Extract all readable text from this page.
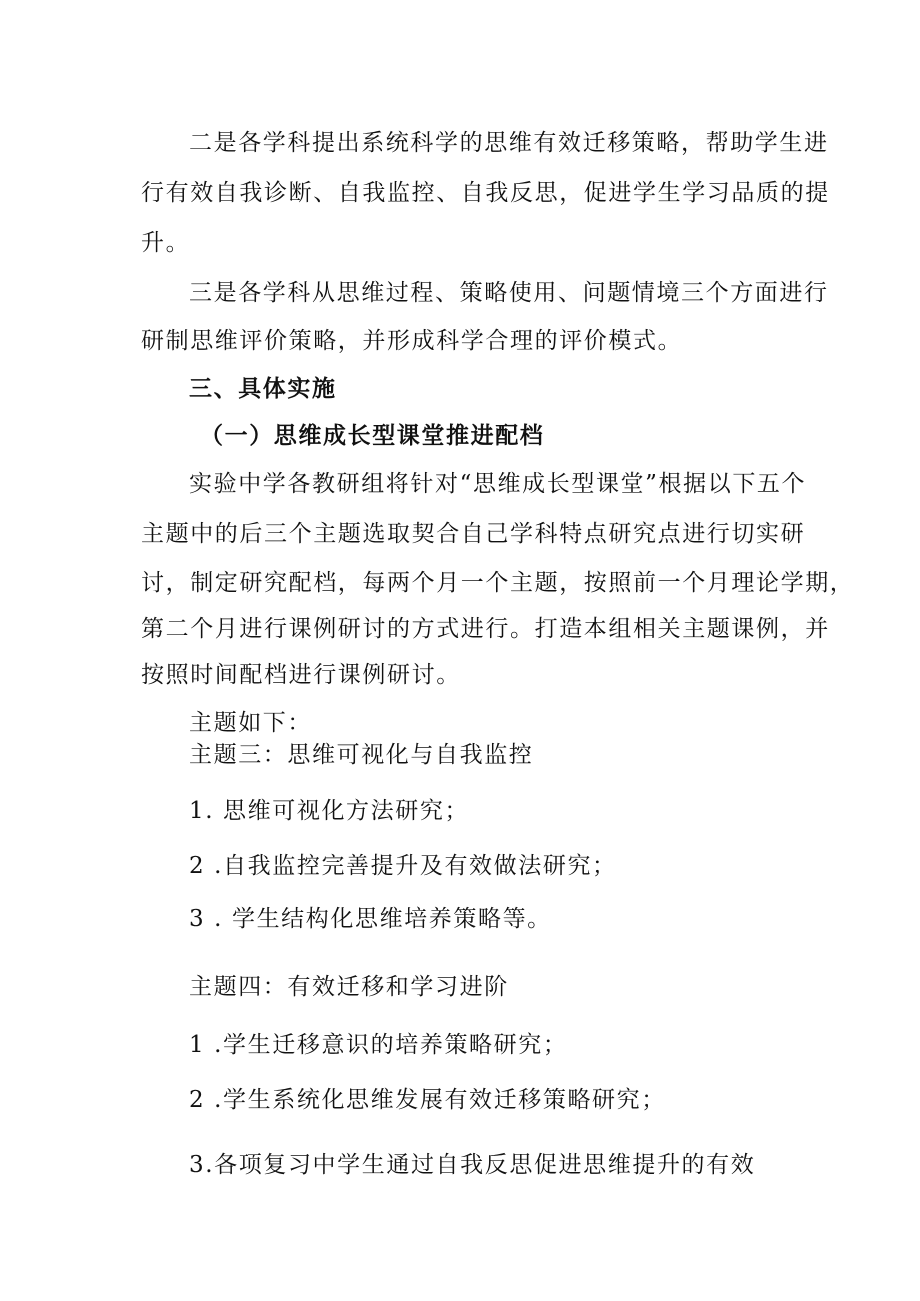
二是各学科提出系统科学的思维有效迁移策略，帮助学生进
行有效自我诊断、自我监控、自我反思，促进学生学习品质的提
升。
三是各学科从思维过程、策略使用、问题情境三个方面进行
研制思维评价策略，并形成科学合理的评价模式。
三、具体实施
（一）思维成长型课堂推进配档
实验中学各教研组将针对“思维成长型课堂”根据以下五个
主题中的后三个主题选取契合自己学科特点研究点进行切实研
讨，制定研究配档，每两个月一个主题，按照前一个月理论学期，
第二个月进行课例研讨的方式进行。打造本组相关主题课例，并
按照时间配档进行课例研讨。
主题如下：
主题三：思维可视化与自我监控
1. 思维可视化方法研究；
2 .自我监控完善提升及有效做法研究；
3 . 学生结构化思维培养策略等。
主题四：有效迁移和学习进阶
1 .学生迁移意识的培养策略研究；
2 .学生系统化思维发展有效迁移策略研究；
3.各项复习中学生通过自我反思促进思维提升的有效
